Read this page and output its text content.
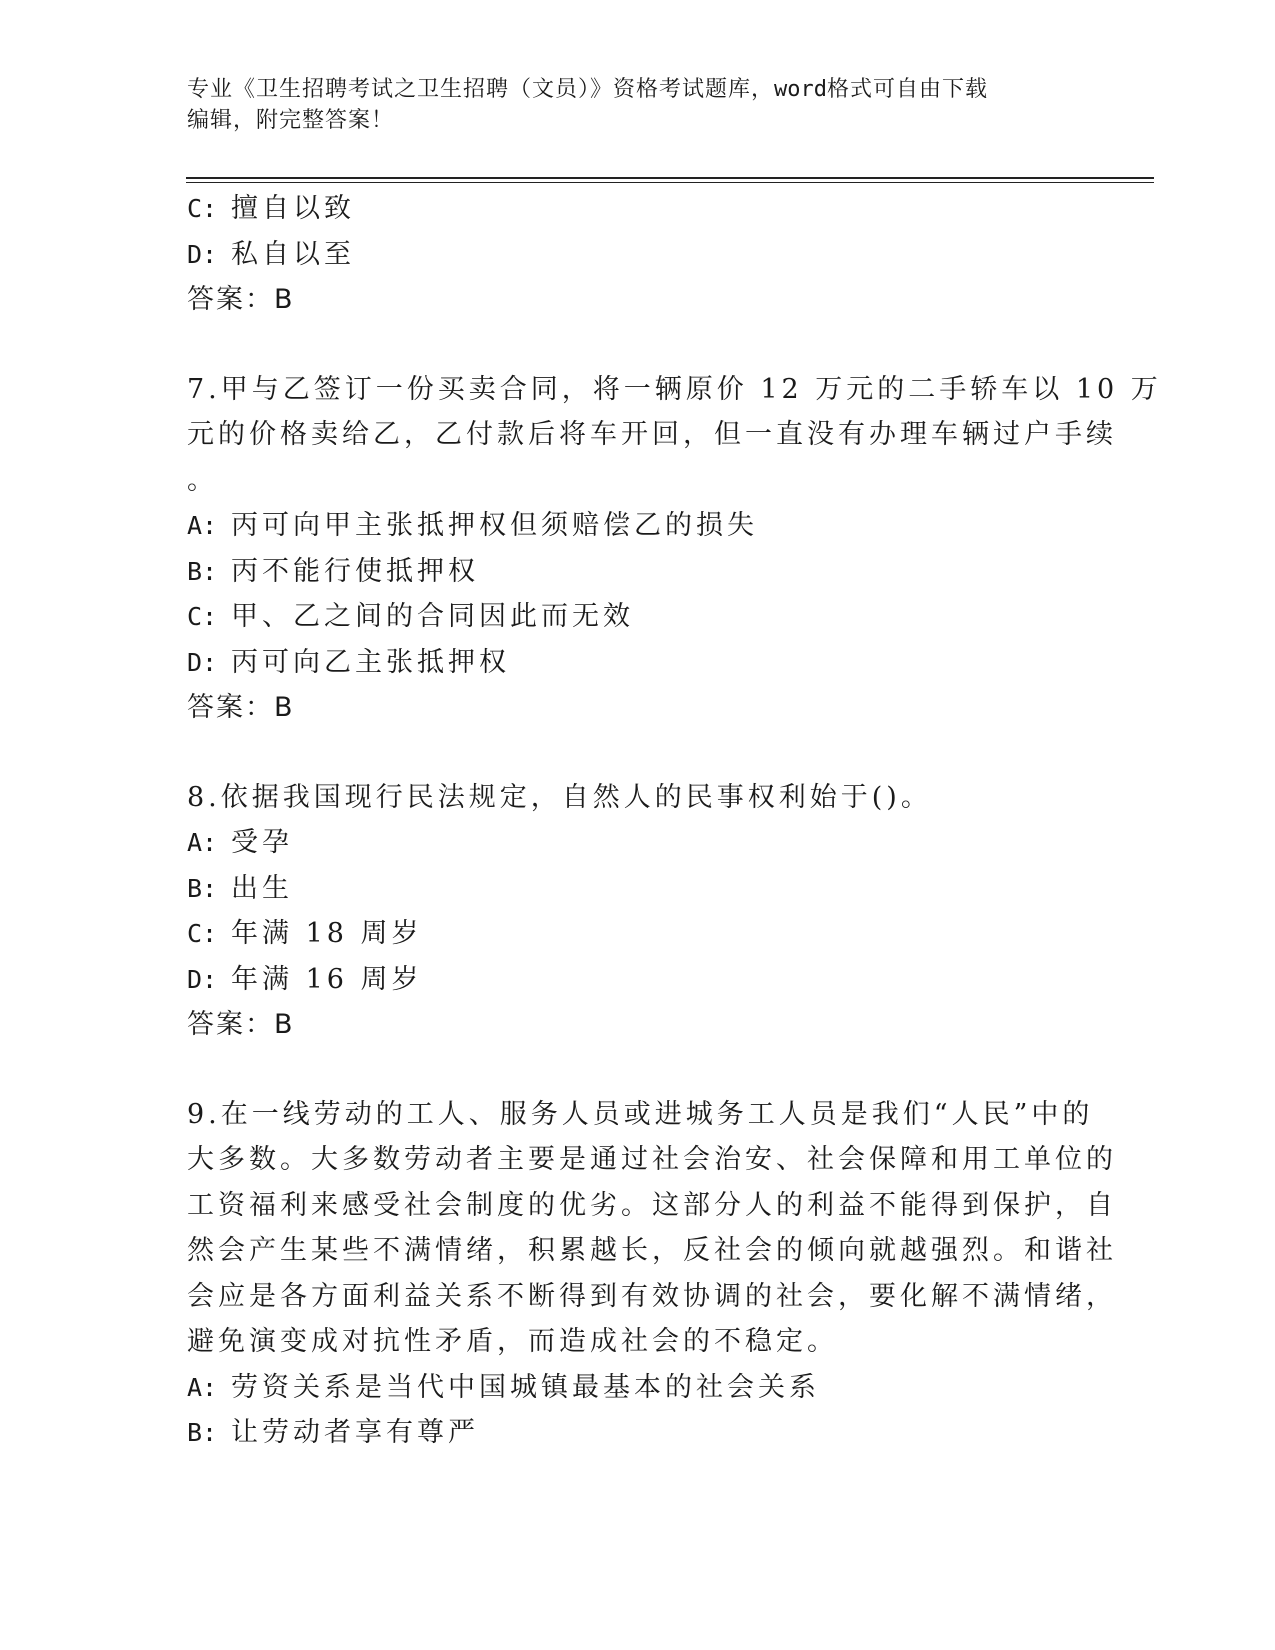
专业《卫生招聘考试之卫生招聘（文员）》资格考试题库，word格式可自由下载
编辑，附完整答案！
C: 擅自以致
D: 私自以至
答案：B
7.甲与乙签订一份买卖合同，将一辆原价 12 万元的二手轿车以 10 万
元的价格卖给乙，乙付款后将车开回，但一直没有办理车辆过户手续
。
A: 丙可向甲主张抵押权但须赔偿乙的损失
B: 丙不能行使抵押权
C: 甲、乙之间的合同因此而无效
D: 丙可向乙主张抵押权
答案：B
8.依据我国现行民法规定，自然人的民事权利始于()。
A: 受孕
B: 出生
C: 年满 18 周岁
D: 年满 16 周岁
答案：B
9.在一线劳动的工人、服务人员或进城务工人员是我们“人民”中的
大多数。大多数劳动者主要是通过社会治安、社会保障和用工单位的
工资福利来感受社会制度的优劣。这部分人的利益不能得到保护，自
然会产生某些不满情绪，积累越长，反社会的倾向就越强烈。和谐社
会应是各方面利益关系不断得到有效协调的社会，要化解不满情绪，
避免演变成对抗性矛盾，而造成社会的不稳定。
A: 劳资关系是当代中国城镇最基本的社会关系
B: 让劳动者享有尊严
